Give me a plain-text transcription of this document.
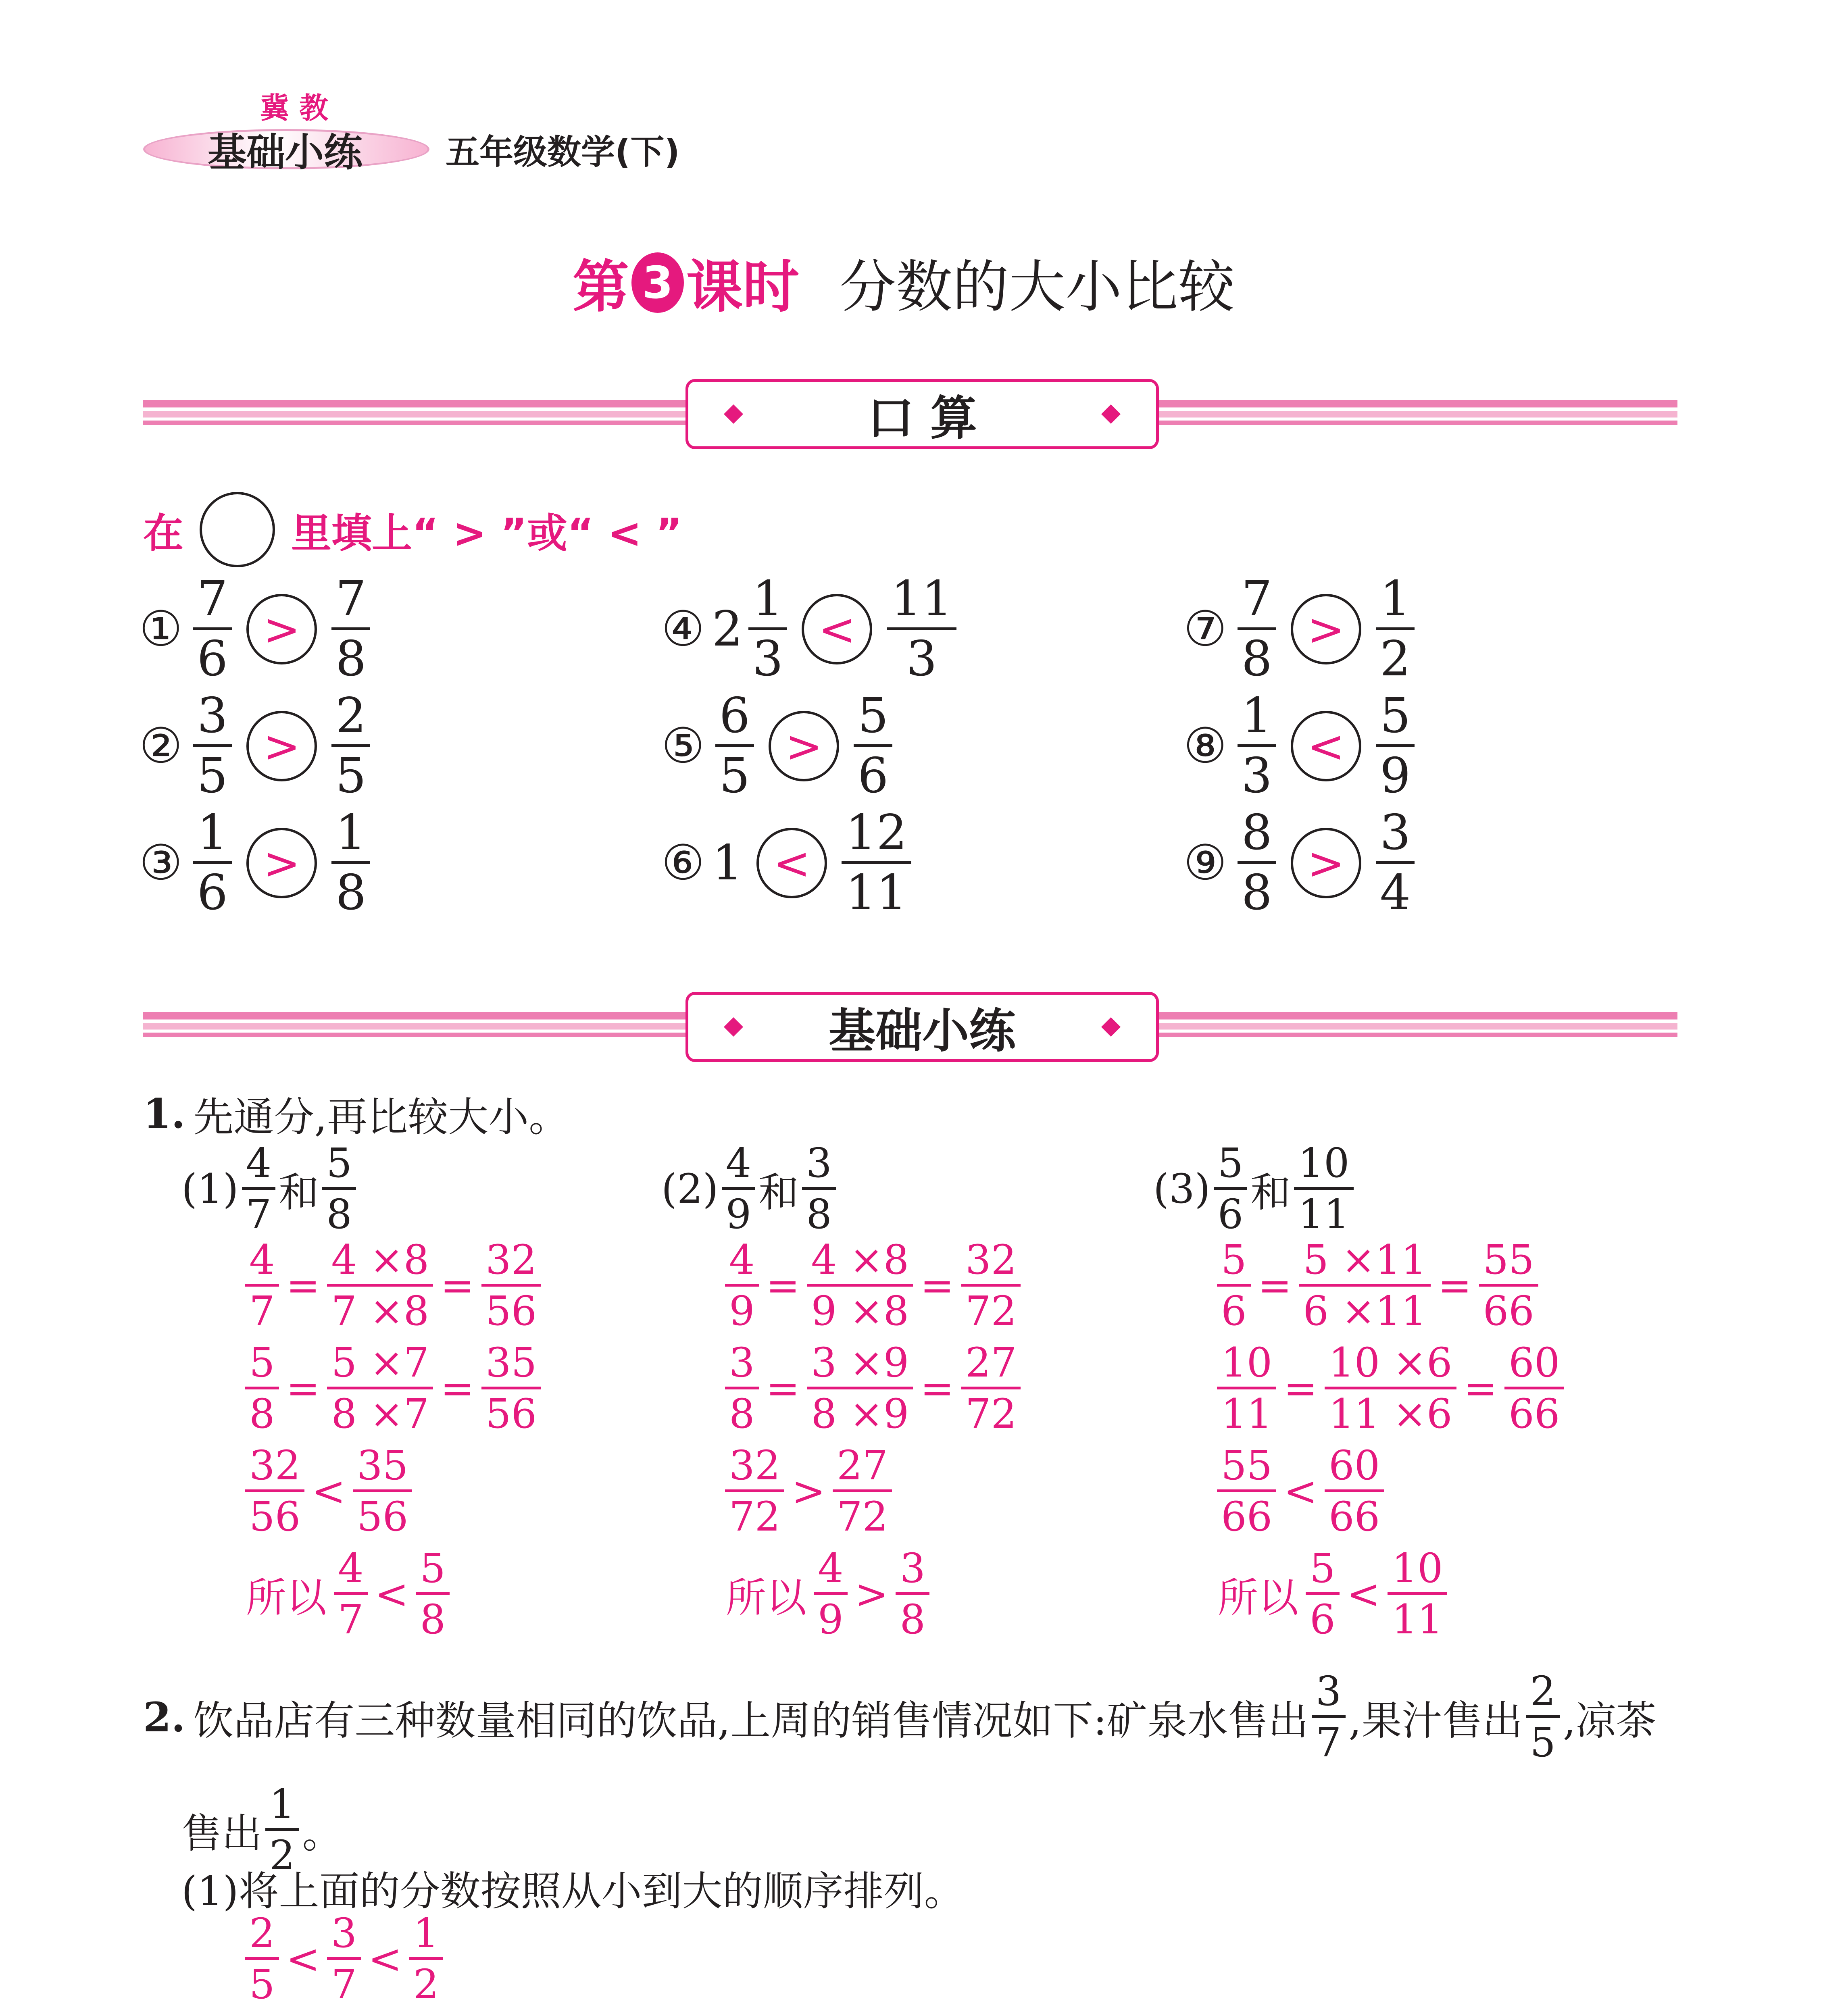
冀 教
基础小练 五年级数学(下)
第 3 课时 分数的大小比较
口 算
在	里填上“ > ”或“ < ”
① $\frac{7}{6} > \frac{7}{8}$
② $\frac{3}{5} > \frac{2}{5}$
③ $\frac{1}{6} > \frac{1}{8}$
④ $2 \frac{1}{3} < \frac{11}{3}$
⑤ $\frac{6}{5} > \frac{5}{6}$
⑥ $1 < \frac{12}{11}$
⑦ $\frac{7}{8} > \frac{1}{2}$
⑧ $\frac{1}{3} < \frac{5}{9}$
⑨ $\frac{8}{8} > \frac{3}{4}$
基础小练
1 . 先通分,再比较大小。
$(1) \frac{4}{7}$ 和 $\frac{5}{8}$
$\frac{4}{7} = \frac{4 \times 8}{7 \times 8} = \frac{32}{56}$
$\frac{5}{8} = \frac{5 \times 7}{8 \times 7} = \frac{35}{56}$
$\frac{32}{56} < \frac{35}{56}$
所以 $\frac{4}{7} < \frac{5}{8}$
$(2) \frac{4}{9}$ 和 $\frac{3}{8}$
$\frac{4}{9} = \frac{4 \times 8}{9 \times 8} = \frac{32}{72}$
$\frac{3}{8} = \frac{3 \times 9}{8 \times 9} = \frac{27}{72}$
$\frac{32}{72} > \frac{27}{72}$
所以 $\frac{4}{9} > \frac{3}{8}$
$(3) \frac{5}{6}$ 和 $\frac{10}{11}$
$\frac{5}{6} = \frac{5 \times 11}{6 \times 11} = \frac{55}{66}$
$\frac{10}{11} = \frac{10 \times 6}{11 \times 6} = \frac{60}{66}$
$\frac{55}{66} < \frac{60}{66}$
所以 $\frac{5}{6} < \frac{10}{11}$
2 . 饮品店有三种数量相同的饮品,上周的销售情况如下:矿泉水售出 $\frac{3}{7}$ ,果汁售出 $\frac{2}{5}$ ,凉茶
售出 $\frac{1}{2}$ 。
(1)将上面的分数按照从小到大的顺序排列。
$\frac{2}{5} < \frac{3}{7} < \frac{1}{2}$
